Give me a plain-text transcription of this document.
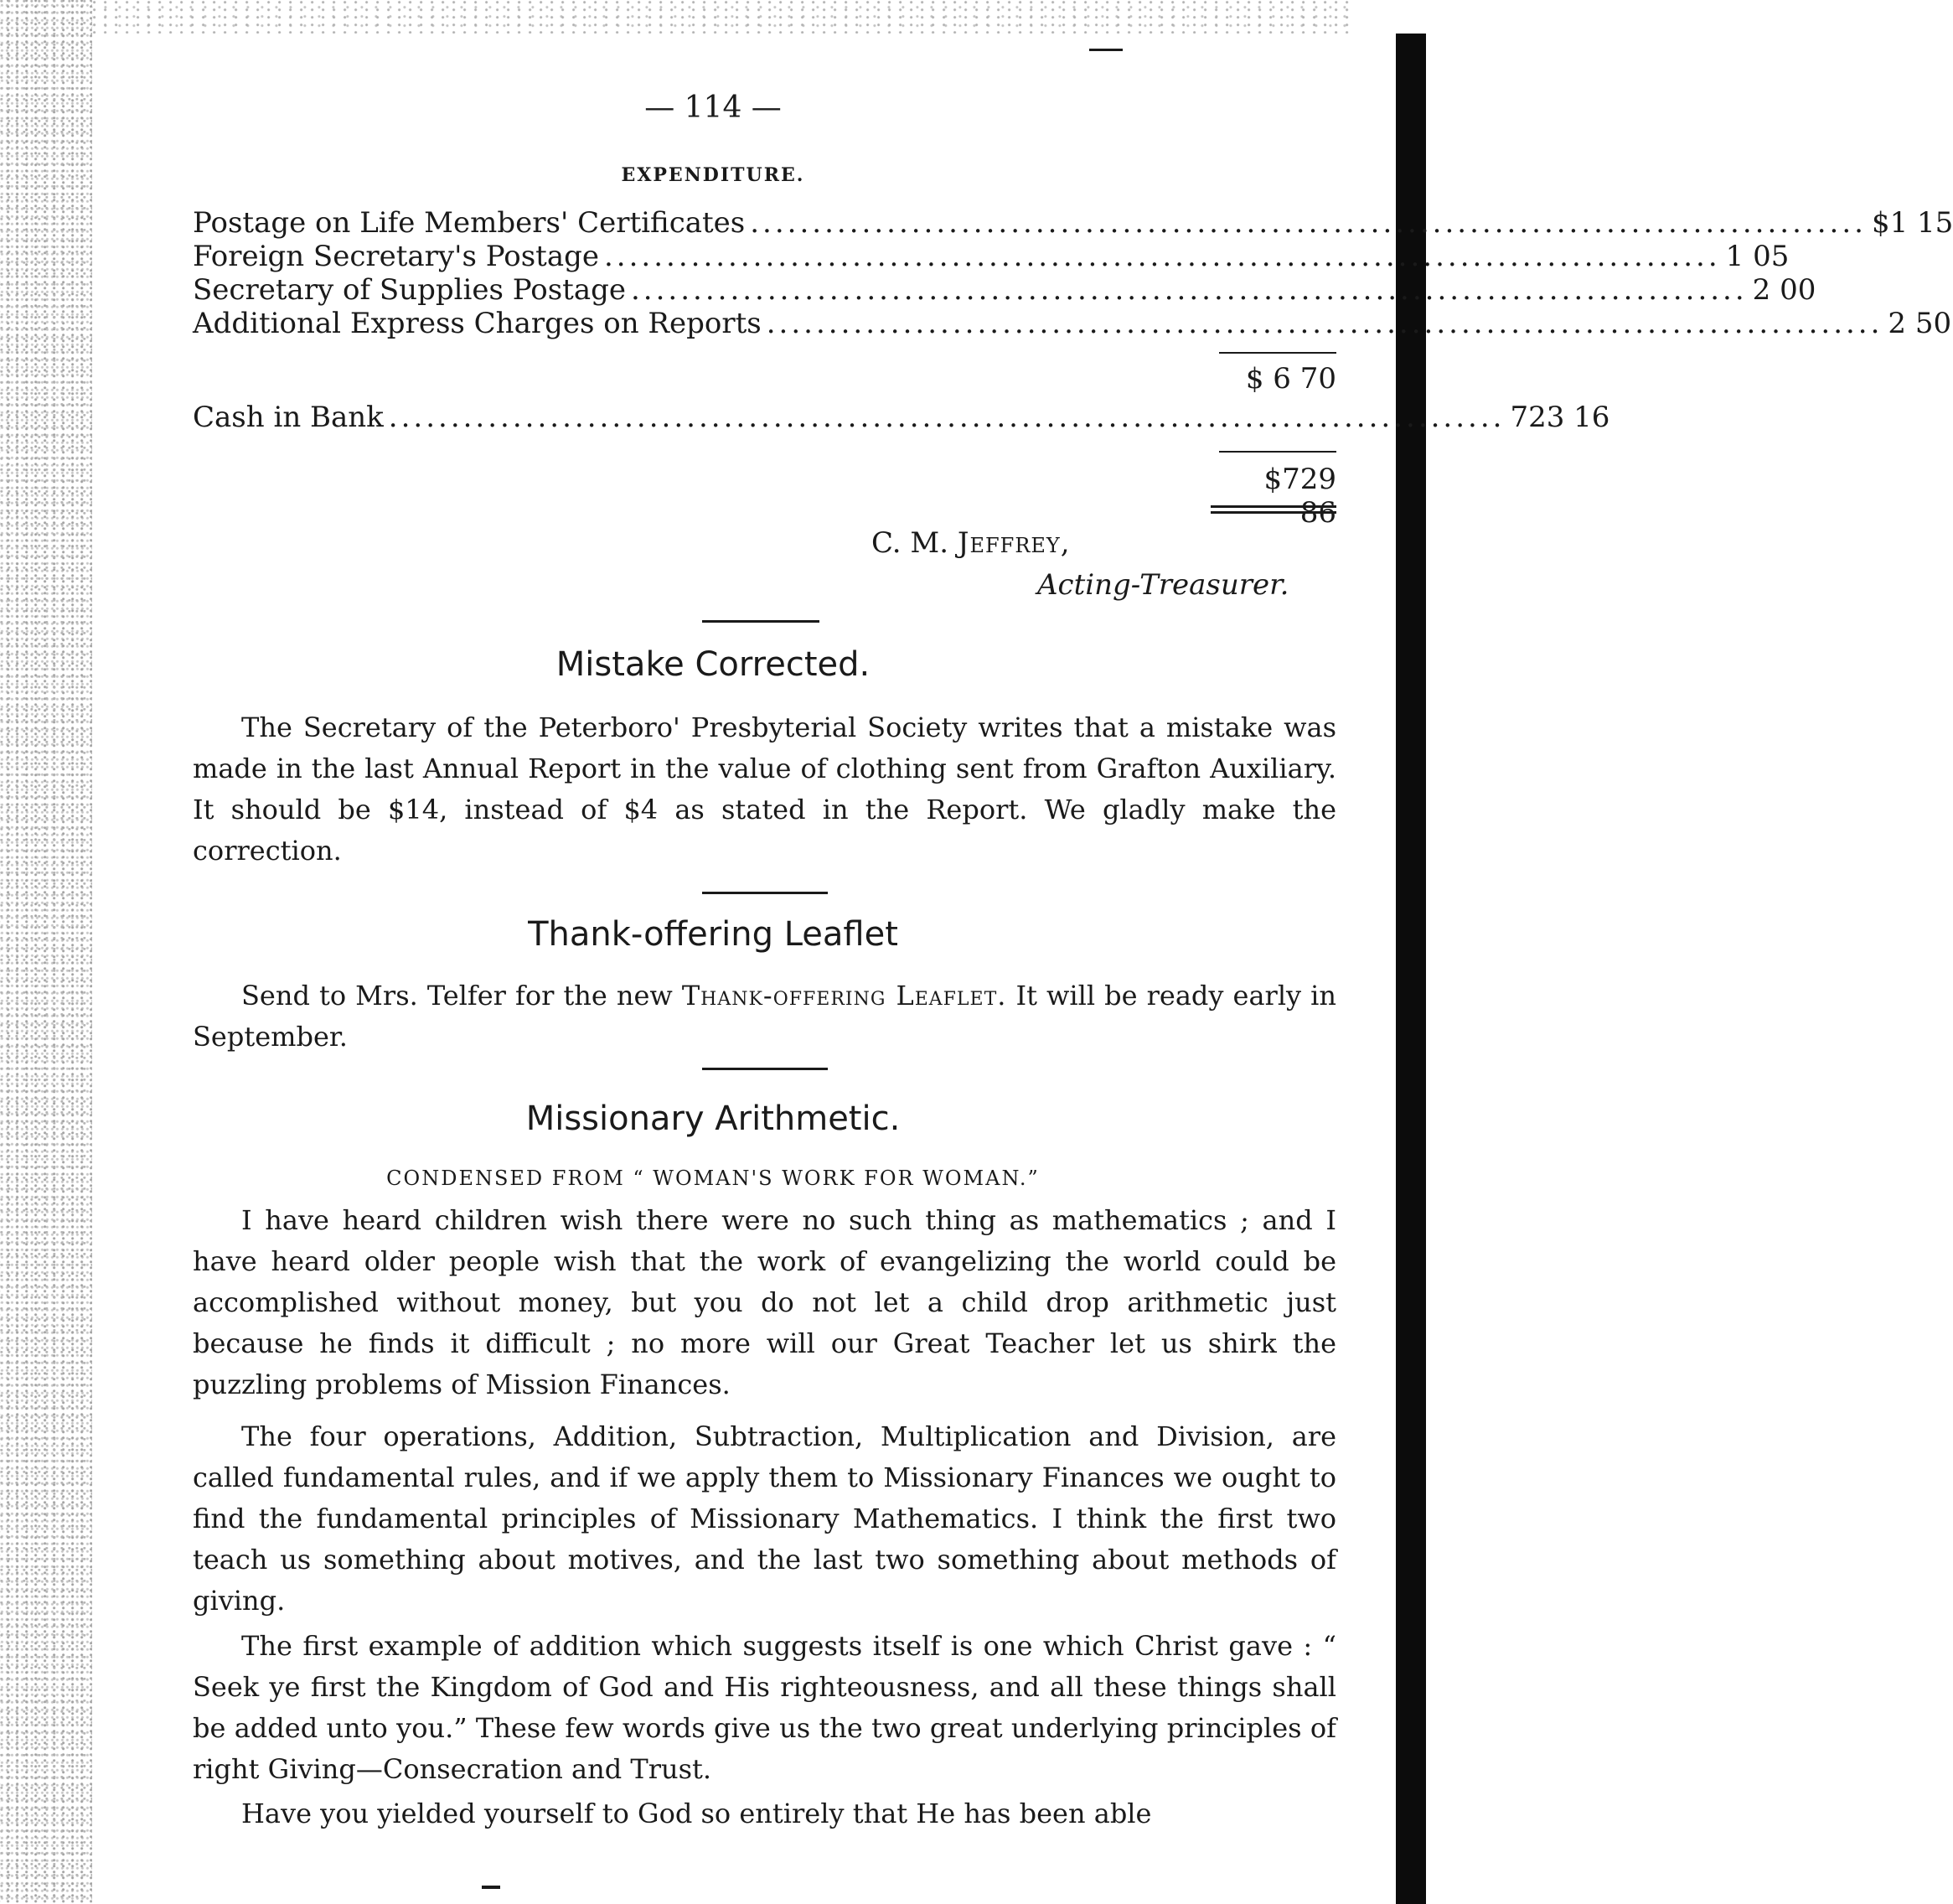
— 114 —
EXPENDITURE.
Postage on Life Members' Certificates .......................................................................................... $1 15
Foreign Secretary's Postage .......................................................................................... 1 05
Secretary of Supplies Postage .......................................................................................... 2 00
Additional Express Charges on Reports .......................................................................................... 2 50
$ 6 70
Cash in Bank .......................................................................................... 723 16
$729 86
C. M. Jeffrey,
Acting-Treasurer.
Mistake Corrected.
The Secretary of the Peterboro' Presbyterial Society writes that a mistake was made in the last Annual Report in the value of clothing sent from Grafton Auxiliary. It should be $14, instead of $4 as stated in the Report. We gladly make the correction.
Thank-offering Leaflet
Send to Mrs. Telfer for the new Thank-offering Leaflet. It will be ready early in September.
Missionary Arithmetic.
CONDENSED FROM “ WOMAN'S WORK FOR WOMAN.”
I have heard children wish there were no such thing as mathematics ; and I have heard older people wish that the work of evangelizing the world could be accomplished without money, but you do not let a child drop arithmetic just because he finds it difficult ; no more will our Great Teacher let us shirk the puzzling problems of Mission Finances.
The four operations, Addition, Subtraction, Multiplication and Division, are called fundamental rules, and if we apply them to Missionary Finances we ought to find the fundamental principles of Missionary Mathematics. I think the first two teach us something about motives, and the last two something about methods of giving.
The first example of addition which suggests itself is one which Christ gave : “ Seek ye first the Kingdom of God and His righteousness, and all these things shall be added unto you.” These few words give us the two great underlying principles of right Giving—Consecration and Trust.
Have you yielded yourself to God so entirely that He has been able
